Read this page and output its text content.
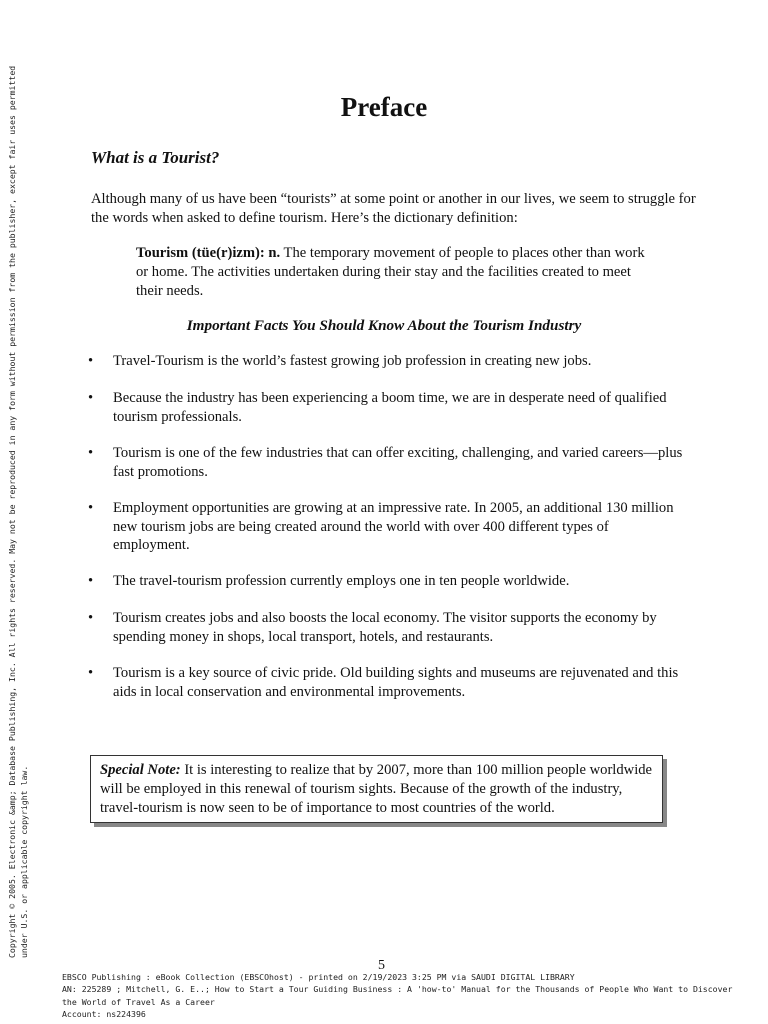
Copyright © 2005. Electronic &amp; Database Publishing, Inc. All rights reserved. May not be reproduced in any form without permission from the publisher, except fair uses permitted under U.S. or applicable copyright law.
Preface
What is a Tourist?
Although many of us have been “tourists” at some point or another in our lives, we seem to struggle for the words when asked to define tourism. Here’s the dictionary definition:
Tourism (tüe(r)izm): n. The temporary movement of people to places other than work or home. The activities undertaken during their stay and the facilities created to meet their needs.
Important Facts You Should Know About the Tourism Industry
•	Travel-Tourism is the world’s fastest growing job profession in creating new jobs.
•	Because the industry has been experiencing a boom time, we are in desperate need of qualified tourism professionals.
•	Tourism is one of the few industries that can offer exciting, challenging, and varied careers—plus fast promotions.
•	Employment opportunities are growing at an impressive rate. In 2005, an additional 130 million new tourism jobs are being created around the world with over 400 different types of employment.
•	The travel-tourism profession currently employs one in ten people worldwide.
•	Tourism creates jobs and also boosts the local economy. The visitor supports the economy by spending money in shops, local transport, hotels, and restaurants.
•	Tourism is a key source of civic pride. Old building sights and museums are rejuvenated and this aids in local conservation and environmental improvements.
Special Note: It is interesting to realize that by 2007, more than 100 million people worldwide will be employed in this renewal of tourism sights. Because of the growth of the industry, travel-tourism is now seen to be of importance to most countries of the world.
5
EBSCO Publishing : eBook Collection (EBSCOhost) - printed on 2/19/2023 3:25 PM via SAUDI DIGITAL LIBRARY
AN: 225289 ; Mitchell, G. E..; How to Start a Tour Guiding Business : A 'how-to' Manual for the Thousands of People Who Want to Discover
the World of Travel As a Career
Account: ns224396
